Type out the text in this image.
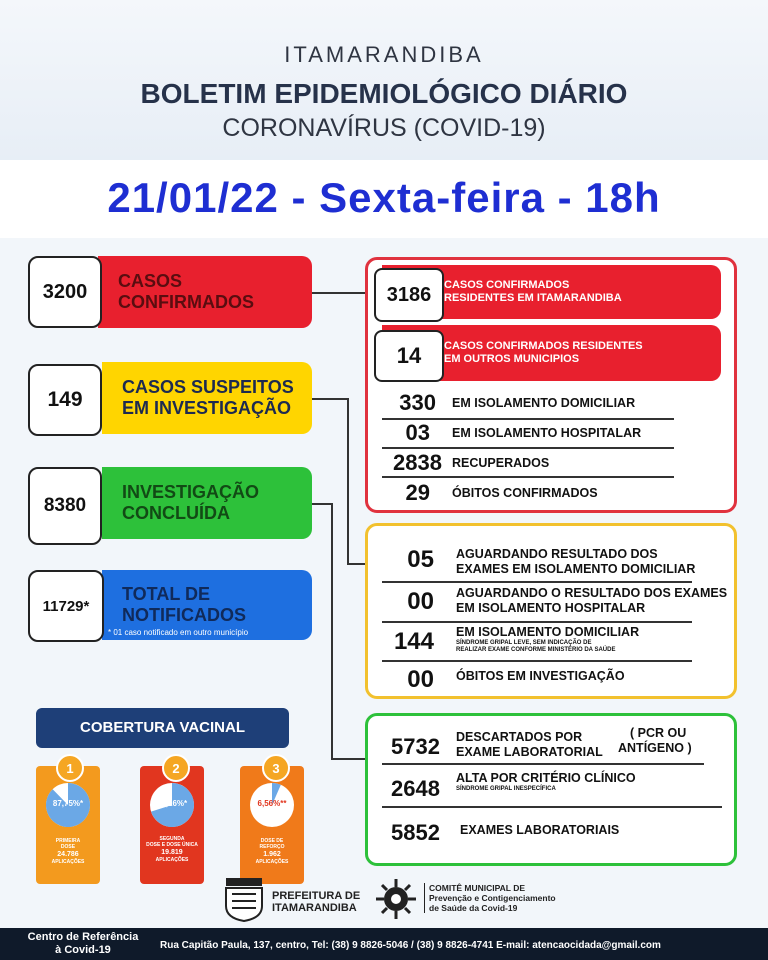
ITAMARANDIBA
BOLETIM EPIDEMIOLÓGICO DIÁRIO
CORONAVÍRUS (COVID-19)
21/01/22 - Sexta-feira - 18h
CASOS
CONFIRMADOS
3200
CASOS SUSPEITOS
EM INVESTIGAÇÃO
149
INVESTIGAÇÃO
CONCLUÍDA
8380
TOTAL DE
NOTIFICADOS
* 01 caso notificado em outro município
11729*
CASOS CONFIRMADOS
RESIDENTES EM ITAMARANDIBA
3186
CASOS CONFIRMADOS RESIDENTES
EM OUTROS MUNICIPIOS
14
330 EM ISOLAMENTO DOMICILIAR
03 EM ISOLAMENTO HOSPITALAR
2838 RECUPERADOS
29 ÓBITOS CONFIRMADOS
05 AGUARDANDO RESULTADO DOS
EXAMES EM ISOLAMENTO DOMICILIAR
00 AGUARDANDO O RESULTADO DOS EXAMES
EM ISOLAMENTO HOSPITALAR
144 EM ISOLAMENTO DOMICILIAR
SÍNDROME GRIPAL LEVE, SEM INDICAÇÃO DE
REALIZAR EXAME CONFORME MINISTÉRIO DA SAÚDE
00 ÓBITOS EM INVESTIGAÇÃO
5732 DESCARTADOS POR
EXAME LABORATORIAL
( PCR OU
ANTÍGENO )
2648 ALTA POR CRITÉRIO CLÍNICO
SÍNDROME GRIPAL INESPECÍFICA
5852 EXAMES LABORATORIAIS
COBERTURA VACINAL
1
87,75%*
PRIMEIRA
DOSE
24.786
APLICAÇÕES
2
70,16%*
SEGUNDA
DOSE E DOSE ÚNICA
19.819
APLICAÇÕES
3
6,56%**
DOSE DE
REFORÇO
1.962
APLICAÇÕES
PREFEITURA DE
ITAMARANDIBA
COMITÊ MUNICIPAL DE
Prevenção e Contigenciamento
de Saúde da Covid-19
Centro de Referência
à Covid-19	Rua Capitão Paula, 137, centro, Tel: (38) 9 8826-5046 / (38) 9 8826-4741 E-mail: atencaocidada@gmail.com
